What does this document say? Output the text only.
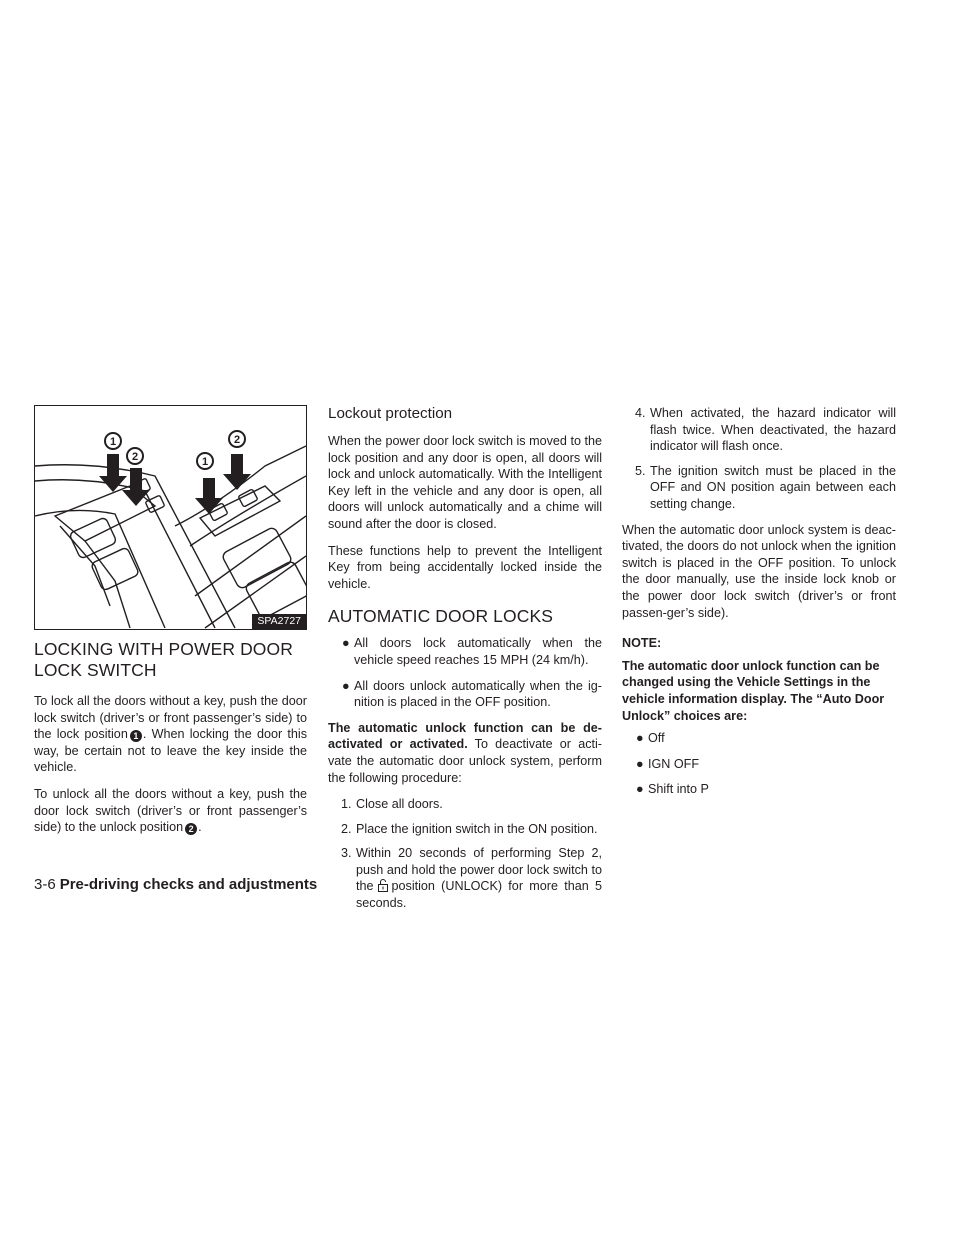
1
2	1
2
SPA2727
LOCKING WITH POWER DOOR LOCK SWITCH

To lock all the doors without a key, push the door lock switch (driver’s or front passenger’s side) to the lock position 1 . When locking the door this way, be certain not to leave the key inside the vehicle.

To unlock all the doors without a key, push the door lock switch (driver’s or front passenger’s side) to the unlock position 2 .

Lockout protection

When the power door lock switch is moved to the lock position and any door is open, all doors will lock and unlock automatically. With the Intelligent Key left in the vehicle and any door is open, all doors will unlock automatically and a chime will sound after the door is closed.

These functions help to prevent the Intelligent Key from being accidentally locked inside the vehicle.

AUTOMATIC DOOR LOCKS
● All doors lock automatically when the vehicle speed reaches 15 MPH (24 km/h).
● All doors unlock automatically when the ig-nition is placed in the OFF position.

The automatic unlock function can be de-activated or activated. To deactivate or acti-vate the automatic door unlock system, perform the following procedure:

1. Close all doors.
2. Place the ignition switch in the ON position.
3. Within 20 seconds of performing Step 2, push and hold the power door lock switch to the position (UNLOCK) for more than 5 seconds.
4. When activated, the hazard indicator will flash twice. When deactivated, the hazard indicator will flash once.
5. The ignition switch must be placed in the OFF and ON position again between each setting change.

When the automatic door unlock system is deac-tivated, the doors do not unlock when the ignition switch is placed in the OFF position. To unlock the door manually, use the inside lock knob or the power door lock switch (driver’s or front passen-ger’s side).

NOTE:

The automatic door unlock function can be changed using the Vehicle Settings in the vehicle information display. The “Auto Door Unlock” choices are:

● Off
● IGN OFF
● Shift into P
3-6 Pre-driving checks and adjustments
